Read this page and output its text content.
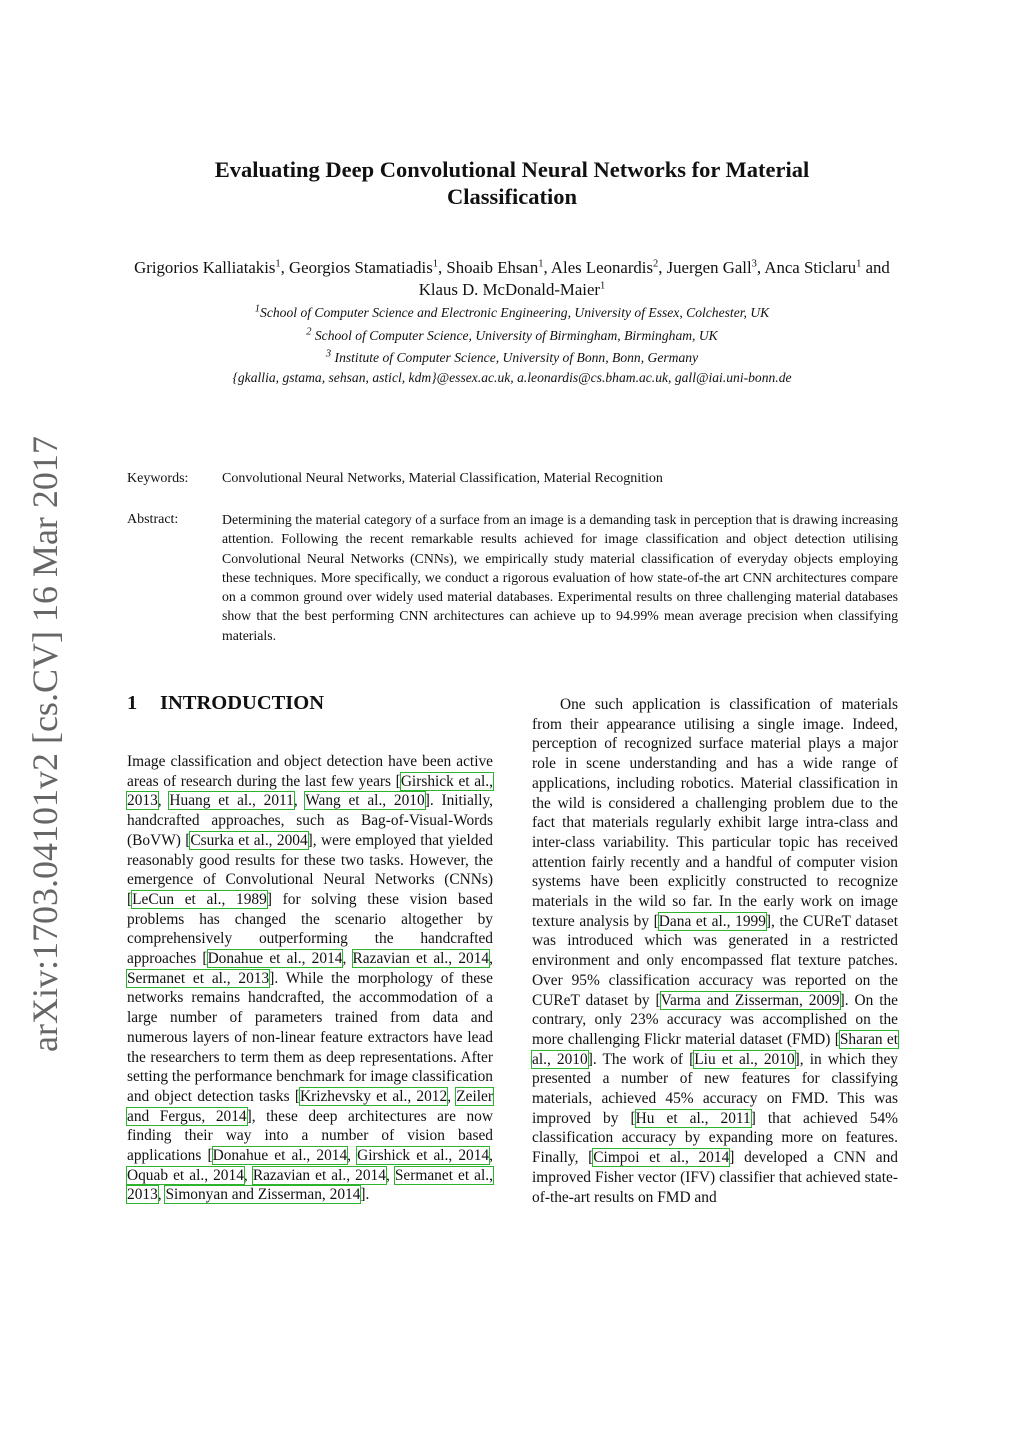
arXiv:1703.04101v2 [cs.CV] 16 Mar 2017
Evaluating Deep Convolutional Neural Networks for Material Classification
Grigorios Kalliatakis$^1$, Georgios Stamatiadis$^1$, Shoaib Ehsan$^1$, Ales Leonardis$^2$, Juergen Gall$^3$, Anca Sticlaru$^1$ and Klaus D. McDonald-Maier$^1$
$^1$School of Computer Science and Electronic Engineering, University of Essex, Colchester, UK
$^2$ School of Computer Science, University of Birmingham, Birmingham, UK
$^3$ Institute of Computer Science, University of Bonn, Bonn, Germany
{gkallia, gstama, sehsan, asticl, kdm}@essex.ac.uk, a.leonardis@cs.bham.ac.uk, gall@iai.uni-bonn.de
Keywords: Convolutional Neural Networks, Material Classification, Material Recognition
Abstract:	Determining the material category of a surface from an image is a demanding task in perception that is drawing increasing attention. Following the recent remarkable results achieved for image classification and object detection utilising Convolutional Neural Networks (CNNs), we empirically study material classification of everyday objects employing these techniques. More specifically, we conduct a rigorous evaluation of how state-of-the art CNN architectures compare on a common ground over widely used material databases. Experimental results on three challenging material databases show that the best performing CNN architectures can achieve up to 94.99% mean average precision when classifying materials.
1 INTRODUCTION

Image classification and object detection have been active areas of research during the last few years [Girshick et al., 2013, Huang et al., 2011, Wang et al., 2010]. Initially, handcrafted approaches, such as Bag-of-Visual-Words (BoVW) [Csurka et al., 2004], were employed that yielded reasonably good results for these two tasks. However, the emergence of Convolutional Neural Networks (CNNs) [LeCun et al., 1989] for solving these vision based problems has changed the scenario altogether by comprehensively outperforming the handcrafted approaches [Donahue et al., 2014, Razavian et al., 2014, Sermanet et al., 2013]. While the morphology of these networks remains handcrafted, the accommodation of a large number of parameters trained from data and numerous layers of non-linear feature extractors have lead the researchers to term them as deep representations. After setting the performance benchmark for image classification and object detection tasks [Krizhevsky et al., 2012, Zeiler and Fergus, 2014], these deep architectures are now finding their way into a number of vision based applications [Donahue et al., 2014, Girshick et al., 2014, Oquab et al., 2014, Razavian et al., 2014, Sermanet et al., 2013, Simonyan and Zisserman, 2014].

One such application is classification of materials from their appearance utilising a single image. Indeed, perception of recognized surface material plays a major role in scene understanding and has a wide range of applications, including robotics. Material classification in the wild is considered a challenging problem due to the fact that materials regularly exhibit large intra-class and inter-class variability. This particular topic has received attention fairly recently and a handful of computer vision systems have been explicitly constructed to recognize materials in the wild so far. In the early work on image texture analysis by [Dana et al., 1999], the CUReT dataset was introduced which was generated in a restricted environment and only encompassed flat texture patches. Over 95% classification accuracy was reported on the CUReT dataset by [Varma and Zisserman, 2009]. On the contrary, only 23% accuracy was accomplished on the more challenging Flickr material dataset (FMD) [Sharan et al., 2010]. The work of [Liu et al., 2010], in which they presented a number of new features for classifying materials, achieved 45% accuracy on FMD. This was improved by [Hu et al., 2011] that achieved 54% classification accuracy by expanding more on features. Finally, [Cimpoi et al., 2014] developed a CNN and improved Fisher vector (IFV) classifier that achieved state-of-the-art results on FMD and
